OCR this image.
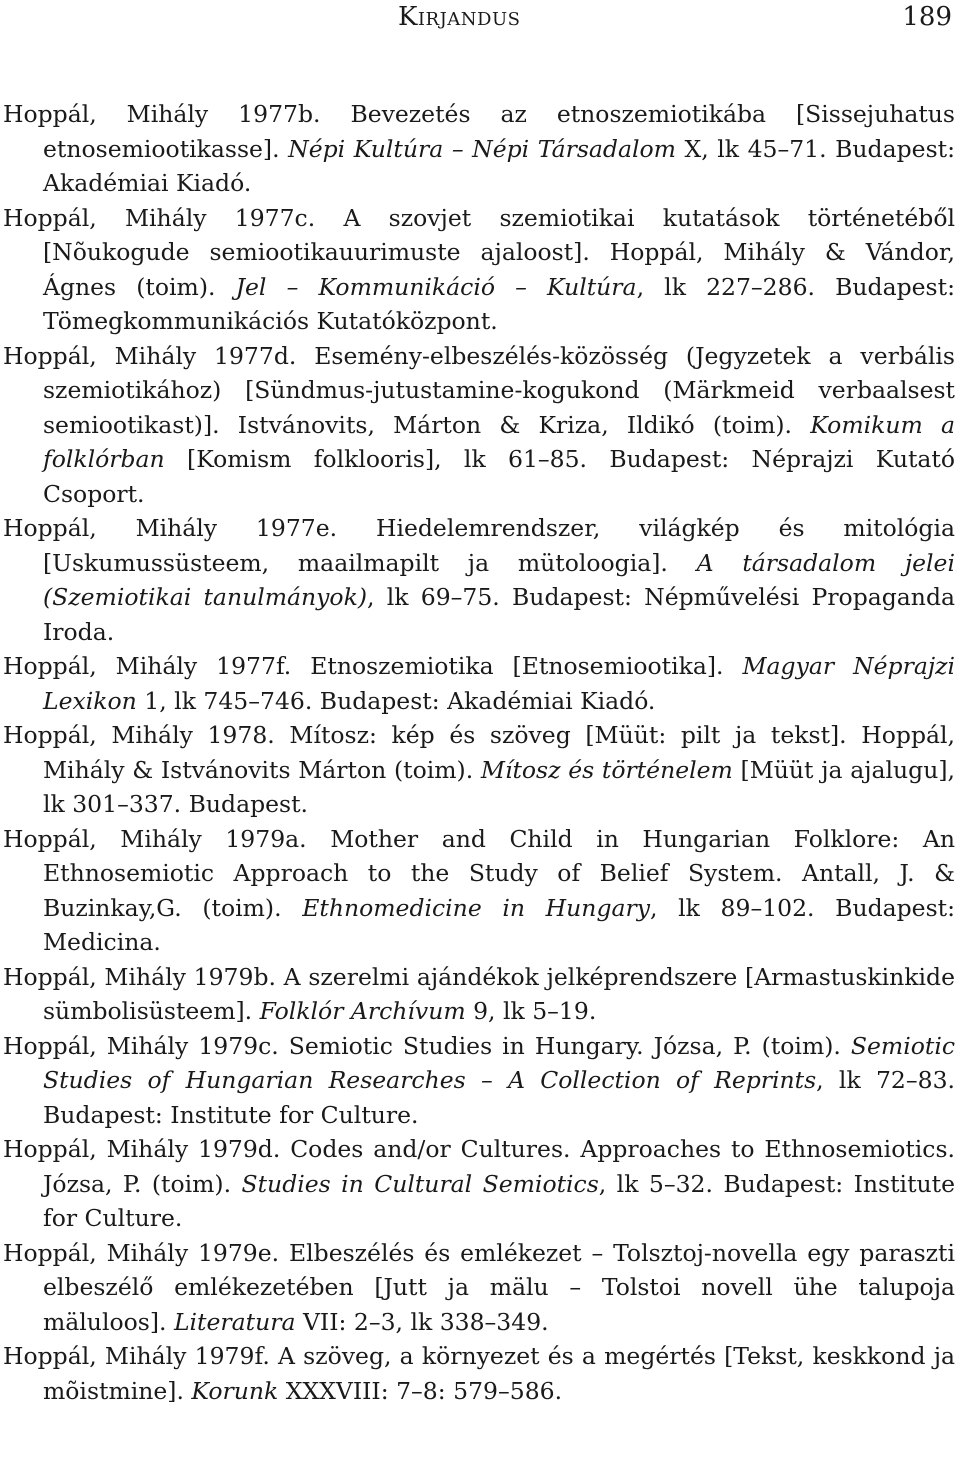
Kirjandus	189
Hoppál, Mihály 1977b. Bevezetés az etnoszemiotikába [Sissejuhatus etnosemiootikasse]. Népi Kultúra – Népi Társadalom X, lk 45–71. Budapest: Akadémiai Kiadó.
Hoppál, Mihály 1977c. A szovjet szemiotikai kutatások történetéből [Nõukogude semiootikauurimuste ajaloost]. Hoppál, Mihály & Vándor, Ágnes (toim). Jel – Kommunikáció – Kultúra, lk 227–286. Budapest: Tömegkommunikációs Kutatóközpont.
Hoppál, Mihály 1977d. Esemény-elbeszélés-közösség (Jegyzetek a verbális szemiotikához) [Sündmus-jutustamine-kogukond (Märkmeid verbaalsest semiootikast)]. Istvánovits, Márton & Kriza, Ildikó (toim). Komikum a folklórban [Komism folklooris], lk 61–85. Budapest: Néprajzi Kutató Csoport.
Hoppál, Mihály 1977e. Hiedelemrendszer, világkép és mitológia [Uskumussüsteem, maailmapilt ja mütoloogia]. A társadalom jelei (Szemiotikai tanulmányok), lk 69–75. Budapest: Népművelési Propaganda Iroda.
Hoppál, Mihály 1977f. Etnoszemiotika [Etnosemiootika]. Magyar Néprajzi Lexikon 1, lk 745–746. Budapest: Akadémiai Kiadó.
Hoppál, Mihály 1978. Mítosz: kép és szöveg [Müüt: pilt ja tekst]. Hoppál, Mihály & Istvánovits Márton (toim). Mítosz és történelem [Müüt ja ajalugu], lk 301–337. Budapest.
Hoppál, Mihály 1979a. Mother and Child in Hungarian Folklore: An Ethnosemiotic Approach to the Study of Belief System. Antall, J. & Buzinkay,G. (toim). Ethnomedicine in Hungary, lk 89–102. Budapest: Medicina.
Hoppál, Mihály 1979b. A szerelmi ajándékok jelképrendszere [Armastuskinkide sümbolisüsteem]. Folklór Archívum 9, lk 5–19.
Hoppál, Mihály 1979c. Semiotic Studies in Hungary. Józsa, P. (toim). Semiotic Studies of Hungarian Researches – A Collection of Reprints, lk 72–83. Budapest: Institute for Culture.
Hoppál, Mihály 1979d. Codes and/or Cultures. Approaches to Ethnosemiotics. Józsa, P. (toim). Studies in Cultural Semiotics, lk 5–32. Budapest: Institute for Culture.
Hoppál, Mihály 1979e. Elbeszélés és emlékezet – Tolsztoj-novella egy paraszti elbeszélő emlékezetében [Jutt ja mälu – Tolstoi novell ühe talupoja mäluloos]. Literatura VII: 2–3, lk 338–349.
Hoppál, Mihály 1979f. A szöveg, a környezet és a megértés [Tekst, keskkond ja mõistmine]. Korunk XXXVIII: 7–8: 579–586.
